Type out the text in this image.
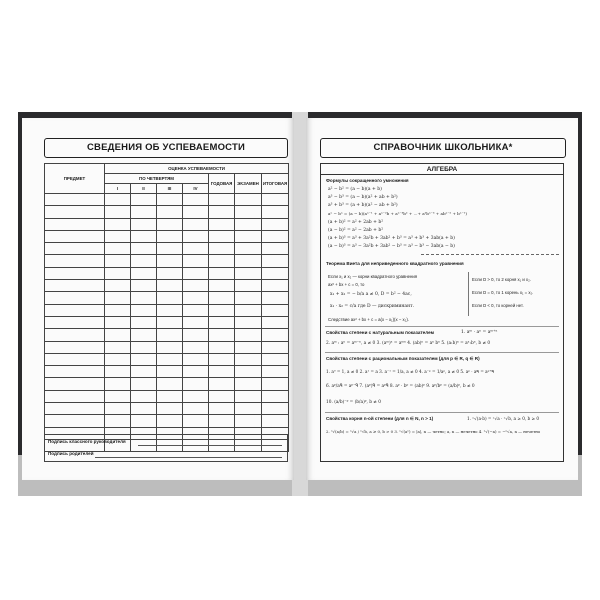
СВЕДЕНИЯ ОБ УСПЕВАЕМОСТИ
ПРЕДМЕТ	ОЦЕНКА УСПЕВАЕМОСТИ						
	ПО ЧЕТВЕРТЯМ				ГОДОВАЯ	ЭКЗАМЕН	ИТОГОВАЯ
	I	II	III	IV			

Подпись классного руководителя
Подпись родителей
СПРАВОЧНИК ШКОЛЬНИКА*
АЛГЕБРА
Формулы сокращенного умножения
a² − b² = (a − b)(a + b)
a³ − b³ = (a − b)(a² + ab + b²)
a³ + b³ = (a + b)(a² − ab + b²)
aⁿ − bⁿ = (a − b)(aⁿ⁻¹ + aⁿ⁻²b + aⁿ⁻³b² + ...+ a²bⁿ⁻³ + abⁿ⁻² + bⁿ⁻¹)
(a + b)² = a² + 2ab + b²
(a − b)² = a² − 2ab + b²
(a + b)³ = a³ + 3a²b + 3ab² + b³ = a³ + b³ + 3ab(a + b)
(a − b)³ = a³ − 3a²b + 3ab² − b³ = a³ − b³ − 3ab(a − b)
Теорема Виета для неприведенного квадратного уравнения
Если x₁ и x₂ — корни квадратного уравнения
ax² + bx + c = 0, то
x₁ + x₂ = − b/a a ≠ 0, D = b² − 4ac,
x₁ · x₂ = c/a где D — дискриминант.
Следствие ax² + bx + c = a(x − x₁)(x − x₂).
Если D > 0, то 2 корня x₁ и x₂.
Если D = 0, то 1 корень x₁ = x₂.
Если D < 0, то корней нет.
Свойства степени с натуральным показателем	1. aᵐ · aⁿ = aᵐ⁺ⁿ
2. aᵐ : aⁿ = aᵐ⁻ⁿ, a ≠ 0 3. (aᵐ)ⁿ = aᵐⁿ 4. (ab)ⁿ = aⁿ bⁿ 5. (a:b)ⁿ = aⁿ:bⁿ, b ≠ 0
Свойства степени с рациональным показателем (для p ∈ R, q ∈ R)
1. a⁰ = 1, a ≠ 0 2. a¹ = a 3. a⁻¹ = 1/a, a ≠ 0 4. a⁻ᵖ = 1/aᵖ, a ≠ 0 5. aᵖ · aᑫ = aᵖ⁺ᑫ
6. aᵖ/aᑫ = aᵖ⁻ᑫ 7. (aᵖ)ᑫ = aᵖᑫ 8. aᵖ · bᵖ = (ab)ᵖ 9. aᵖ/bᵖ = (a/b)ᵖ, b ≠ 0
10. (a/b)⁻ᵖ = (b/a)ᵖ, b ≠ 0
Свойства корня n-ой степени (для n ∈ N, n > 1)	1. ⁿ√(a·b) = ⁿ√a · ⁿ√b, a ≥ 0, b ≥ 0
2. ⁿ√(a/b) = ⁿ√a / ⁿ√b, a ≥ 0, b > 0 3. ⁿ√(aⁿ) = |a|, n — четно; a, n — нечетно 4. ⁿ√(−a) = −ⁿ√a, n — нечетно
